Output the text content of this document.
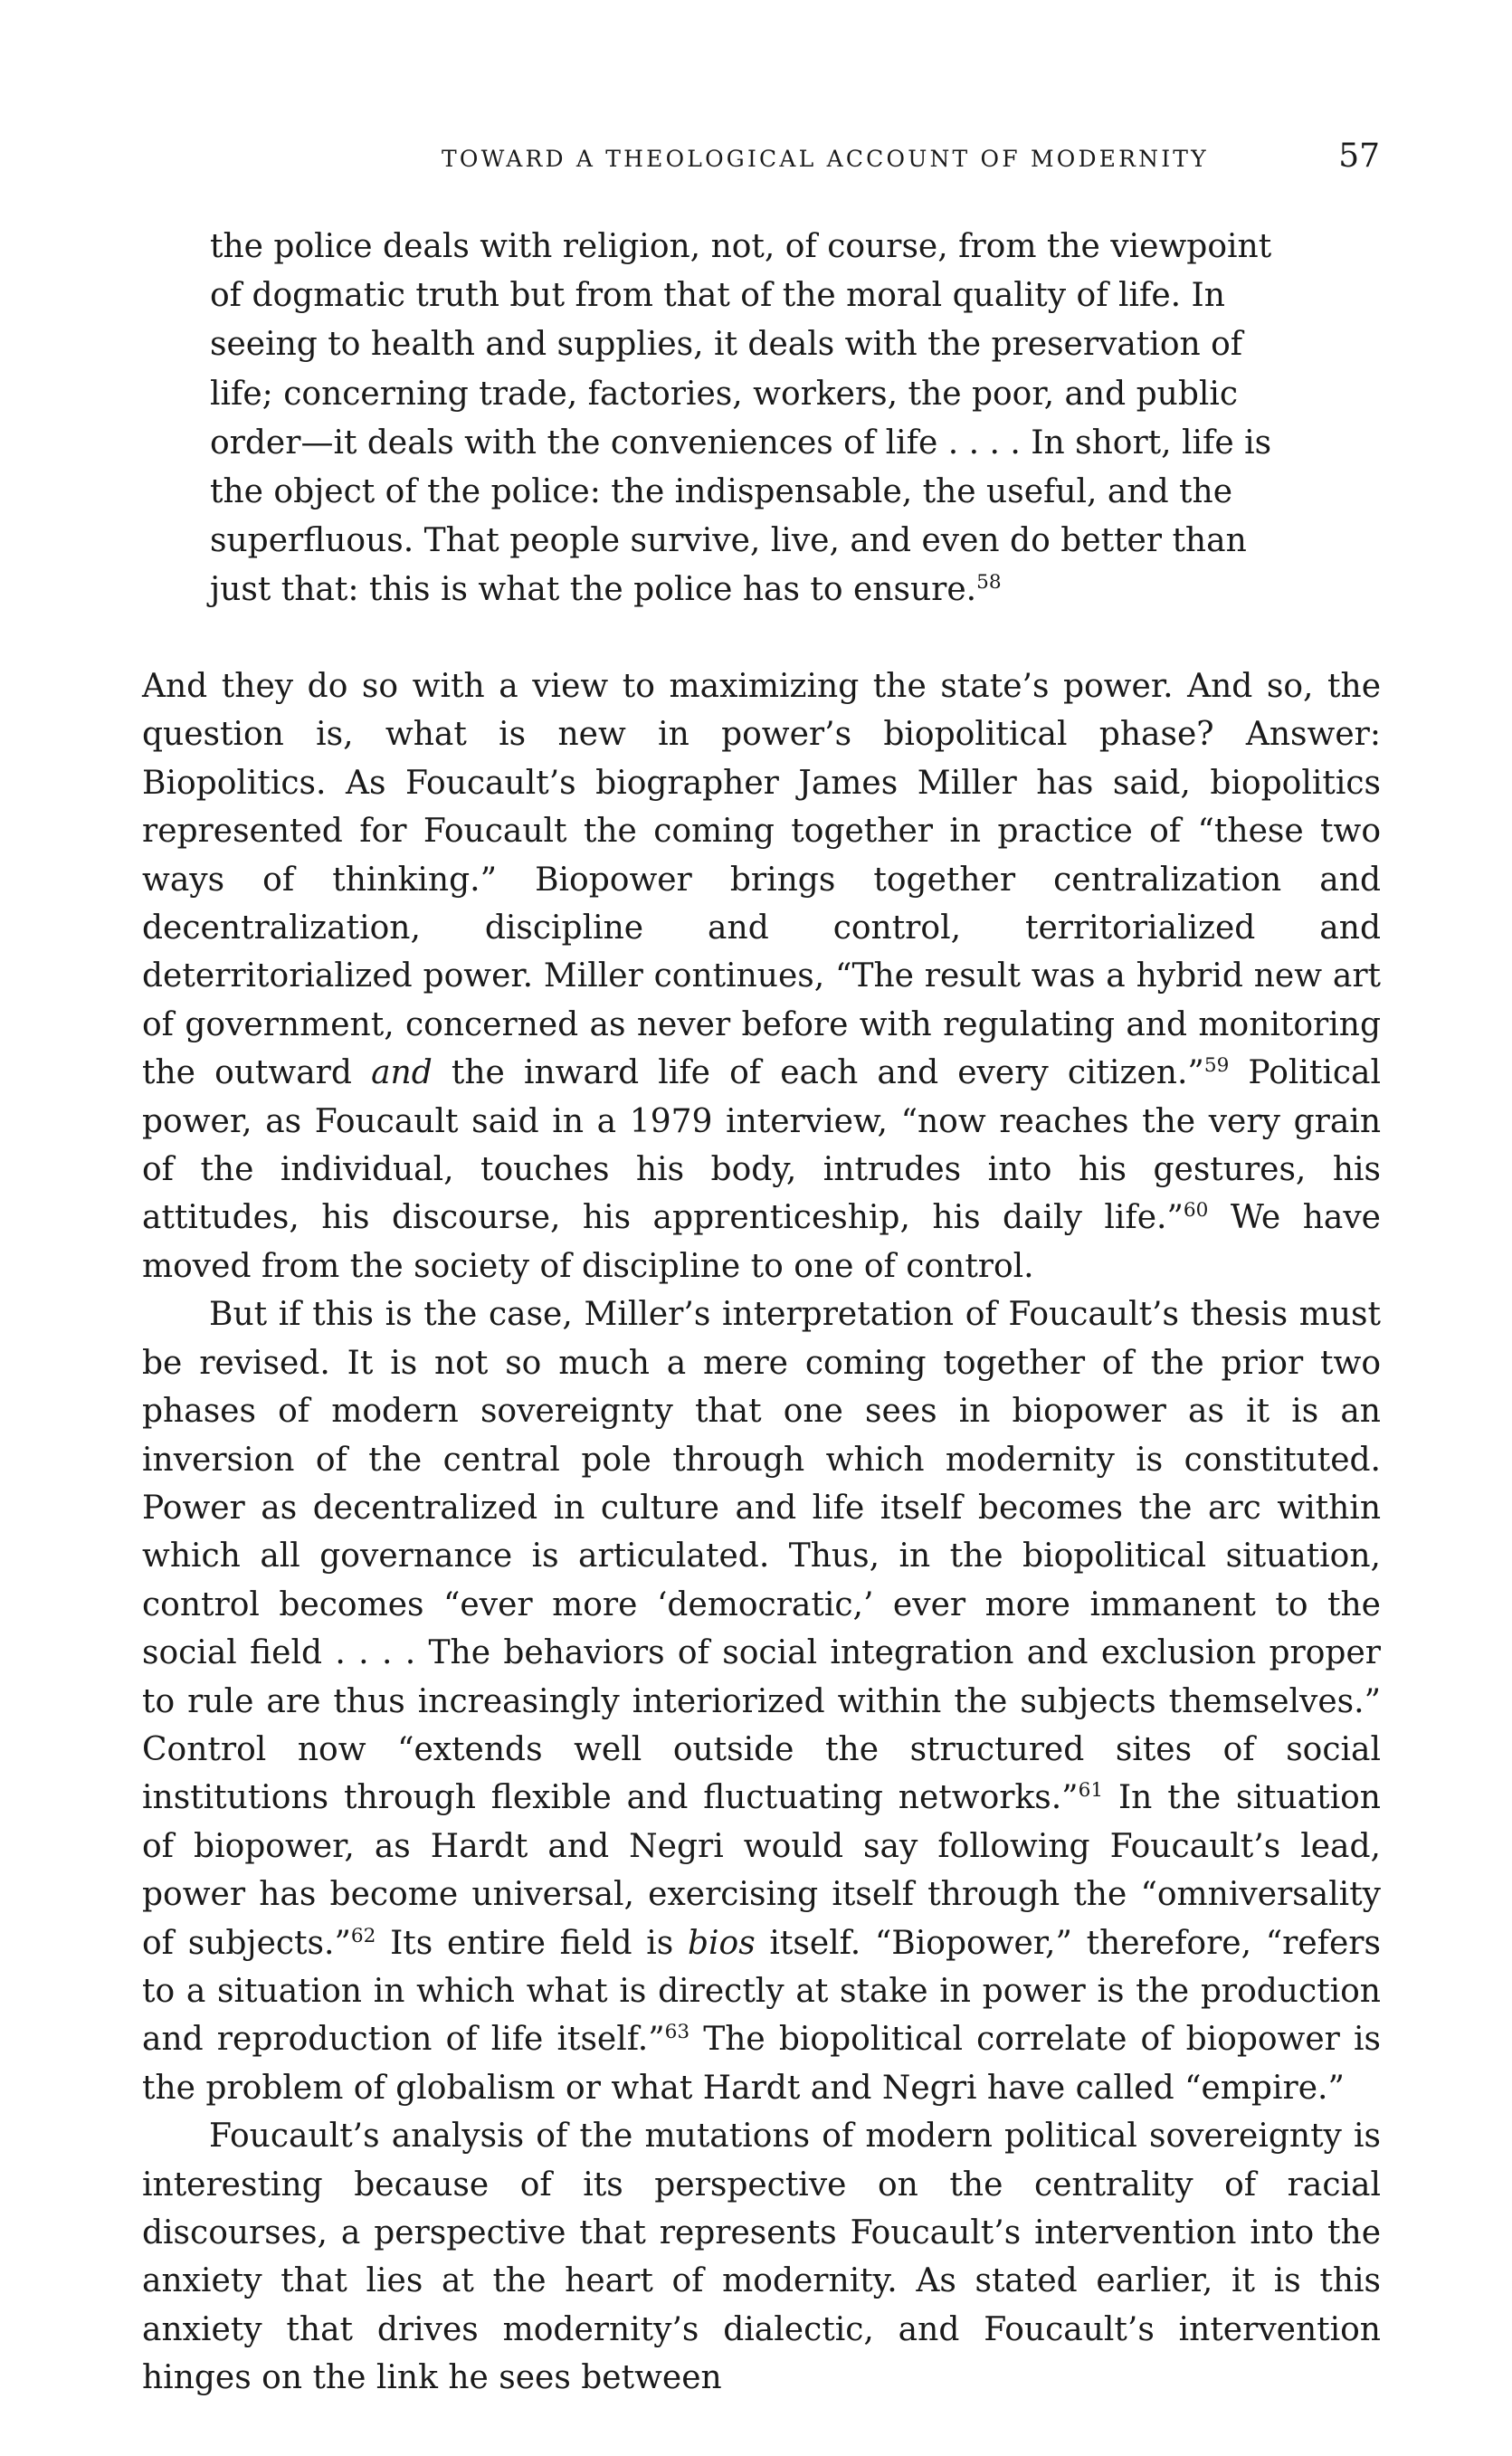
TOWARD A THEOLOGICAL ACCOUNT OF MODERNITY	57

the police deals with religion, not, of course, from the viewpoint of dogmatic truth but from that of the moral quality of life. In seeing to health and supplies, it deals with the preservation of life; concerning trade, factories, workers, the poor, and public order—it deals with the conveniences of life . . . . In short, life is the object of the police: the indispensable, the useful, and the superfluous. That people survive, live, and even do better than just that: this is what the police has to ensure.$^{58}$

And they do so with a view to maximizing the state’s power. And so, the question is, what is new in power’s biopolitical phase? Answer: Biopolitics. As Foucault’s biographer James Miller has said, biopolitics represented for Foucault the coming together in practice of “these two ways of thinking.” Biopower brings together centralization and decentralization, discipline and control, territorialized and deterritorialized power. Miller continues, “The result was a hybrid new art of government, concerned as never before with regulating and monitoring the outward and the inward life of each and every citizen.”$^{59}$ Political power, as Foucault said in a 1979 interview, “now reaches the very grain of the individual, touches his body, intrudes into his gestures, his attitudes, his discourse, his apprenticeship, his daily life.”$^{60}$ We have moved from the society of discipline to one of control.

But if this is the case, Miller’s interpretation of Foucault’s thesis must be revised. It is not so much a mere coming together of the prior two phases of modern sovereignty that one sees in biopower as it is an inversion of the central pole through which modernity is constituted. Power as decentralized in culture and life itself becomes the arc within which all governance is articulated. Thus, in the biopolitical situation, control becomes “ever more ‘democratic,’ ever more immanent to the social field . . . . The behaviors of social integration and exclusion proper to rule are thus increasingly interiorized within the subjects themselves.” Control now “extends well outside the structured sites of social institutions through flexible and fluctuating networks.”$^{61}$ In the situation of biopower, as Hardt and Negri would say following Foucault’s lead, power has become universal, exercising itself through the “omniversality of subjects.”$^{62}$ Its entire field is bios itself. “Biopower,” therefore, “refers to a situation in which what is directly at stake in power is the production and reproduction of life itself.”$^{63}$ The biopolitical correlate of biopower is the problem of globalism or what Hardt and Negri have called “empire.”

Foucault’s analysis of the mutations of modern political sovereignty is interesting because of its perspective on the centrality of racial discourses, a perspective that represents Foucault’s intervention into the anxiety that lies at the heart of modernity. As stated earlier, it is this anxiety that drives modernity’s dialectic, and Foucault’s intervention hinges on the link he sees between
